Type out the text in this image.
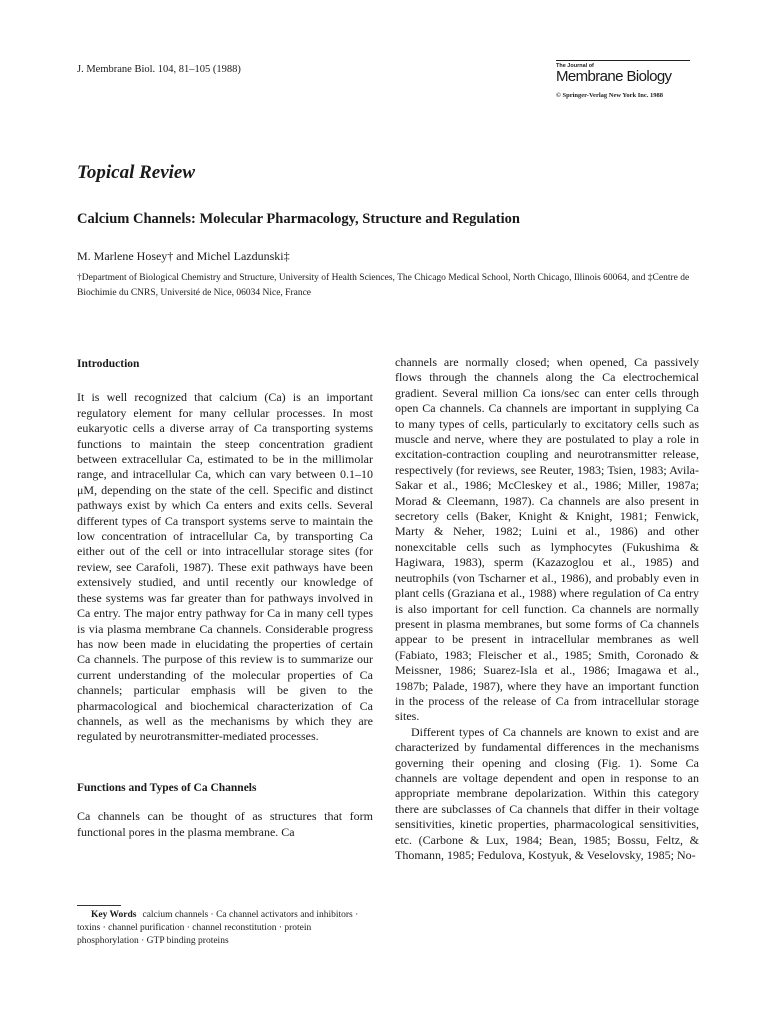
J. Membrane Biol. 104, 81–105 (1988)	The Journal of
Membrane Biology
© Springer-Verlag New York Inc. 1988
Topical Review
Calcium Channels: Molecular Pharmacology, Structure and Regulation
M. Marlene Hosey† and Michel Lazdunski‡
†Department of Biological Chemistry and Structure, University of Health Sciences, The Chicago Medical School, North Chicago, Illinois 60064, and ‡Centre de Biochimie du CNRS, Université de Nice, 06034 Nice, France
Introduction

It is well recognized that calcium (Ca) is an important regulatory element for many cellular processes. In most eukaryotic cells a diverse array of Ca transporting systems functions to maintain the steep concentration gradient between extracellular Ca, estimated to be in the millimolar range, and intracellular Ca, which can vary between 0.1–10 μM, depending on the state of the cell. Specific and distinct pathways exist by which Ca enters and exits cells. Several different types of Ca transport systems serve to maintain the low concentration of intracellular Ca, by transporting Ca either out of the cell or into intracellular storage sites (for review, see Carafoli, 1987). These exit pathways have been extensively studied, and until recently our knowledge of these systems was far greater than for pathways involved in Ca entry. The major entry pathway for Ca in many cell types is via plasma membrane Ca channels. Considerable progress has now been made in elucidating the properties of certain Ca channels. The purpose of this review is to summarize our current understanding of the molecular properties of Ca channels; particular emphasis will be given to the pharmacological and biochemical characterization of Ca channels, as well as the mechanisms by which they are regulated by neurotransmitter-mediated processes.

Functions and Types of Ca Channels

Ca channels can be thought of as structures that form functional pores in the plasma membrane. Ca

Key Words calcium channels · Ca channel activators and inhibitors · toxins · channel purification · channel reconstitution · protein phosphorylation · GTP binding proteins

channels are normally closed; when opened, Ca passively flows through the channels along the Ca electrochemical gradient. Several million Ca ions/sec can enter cells through open Ca channels. Ca channels are important in supplying Ca to many types of cells, particularly to excitatory cells such as muscle and nerve, where they are postulated to play a role in excitation-contraction coupling and neurotransmitter release, respectively (for reviews, see Reuter, 1983; Tsien, 1983; Avila-Sakar et al., 1986; McCleskey et al., 1986; Miller, 1987a; Morad & Cleemann, 1987). Ca channels are also present in secretory cells (Baker, Knight & Knight, 1981; Fenwick, Marty & Neher, 1982; Luini et al., 1986) and other nonexcitable cells such as lymphocytes (Fukushima & Hagiwara, 1983), sperm (Kazazoglou et al., 1985) and neutrophils (von Tscharner et al., 1986), and probably even in plant cells (Graziana et al., 1988) where regulation of Ca entry is also important for cell function. Ca channels are normally present in plasma membranes, but some forms of Ca channels appear to be present in intracellular membranes as well (Fabiato, 1983; Fleischer et al., 1985; Smith, Coronado & Meissner, 1986; Suarez-Isla et al., 1986; Imagawa et al., 1987b; Palade, 1987), where they have an important function in the process of the release of Ca from intracellular storage sites.

Different types of Ca channels are known to exist and are characterized by fundamental differences in the mechanisms governing their opening and closing (Fig. 1). Some Ca channels are voltage dependent and open in response to an appropriate membrane depolarization. Within this category there are subclasses of Ca channels that differ in their voltage sensitivities, kinetic properties, pharmacological sensitivities, etc. (Carbone & Lux, 1984; Bean, 1985; Bossu, Feltz, & Thomann, 1985; Fedulova, Kostyuk, & Veselovsky, 1985; No-
